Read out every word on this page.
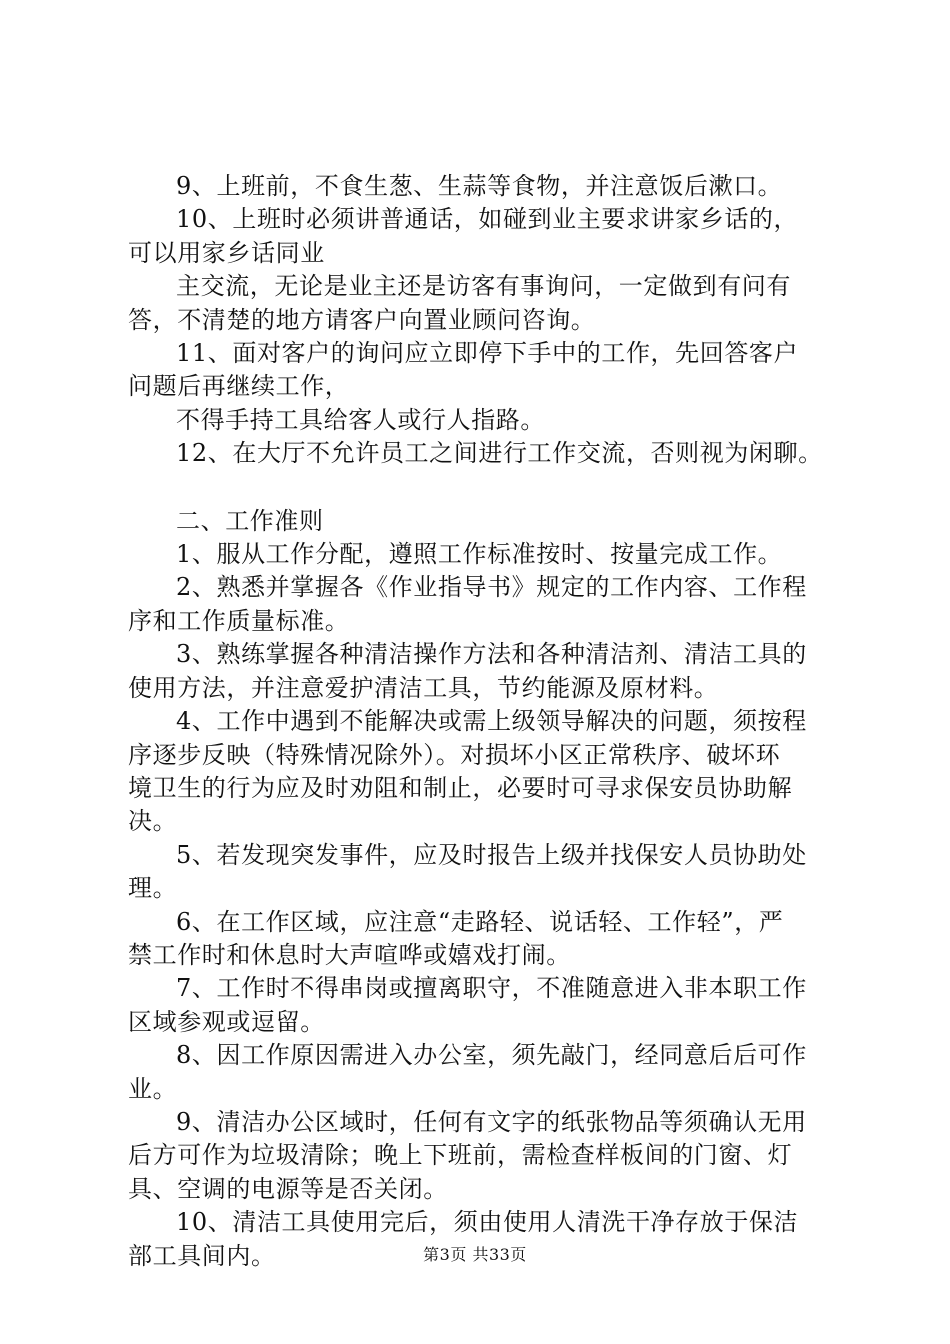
9、上班前，不食生葱、生蒜等食物，并注意饭后漱口。
10、上班时必须讲普通话，如碰到业主要求讲家乡话的，
可以用家乡话同业
主交流，无论是业主还是访客有事询问，一定做到有问有
答，不清楚的地方请客户向置业顾问咨询。
11、面对客户的询问应立即停下手中的工作，先回答客户
问题后再继续工作，
不得手持工具给客人或行人指路。
12、在大厅不允许员工之间进行工作交流，否则视为闲聊。
二、工作准则
1、服从工作分配，遵照工作标准按时、按量完成工作。
2、熟悉并掌握各《作业指导书》规定的工作内容、工作程
序和工作质量标准。
3、熟练掌握各种清洁操作方法和各种清洁剂、清洁工具的
使用方法，并注意爱护清洁工具，节约能源及原材料。
4、工作中遇到不能解决或需上级领导解决的问题，须按程
序逐步反映（特殊情况除外）。对损坏小区正常秩序、破坏环
境卫生的行为应及时劝阻和制止，必要时可寻求保安员协助解
决。
5、若发现突发事件，应及时报告上级并找保安人员协助处
理。
6、在工作区域，应注意“走路轻、说话轻、工作轻”，严
禁工作时和休息时大声喧哗或嬉戏打闹。
7、工作时不得串岗或擅离职守，不准随意进入非本职工作
区域参观或逗留。
8、因工作原因需进入办公室，须先敲门，经同意后后可作
业。
9、清洁办公区域时，任何有文字的纸张物品等须确认无用
后方可作为垃圾清除；晚上下班前，需检查样板间的门窗、灯
具、空调的电源等是否关闭。
10、清洁工具使用完后，须由使用人清洗干净存放于保洁
部工具间内。	第3页 共33页
